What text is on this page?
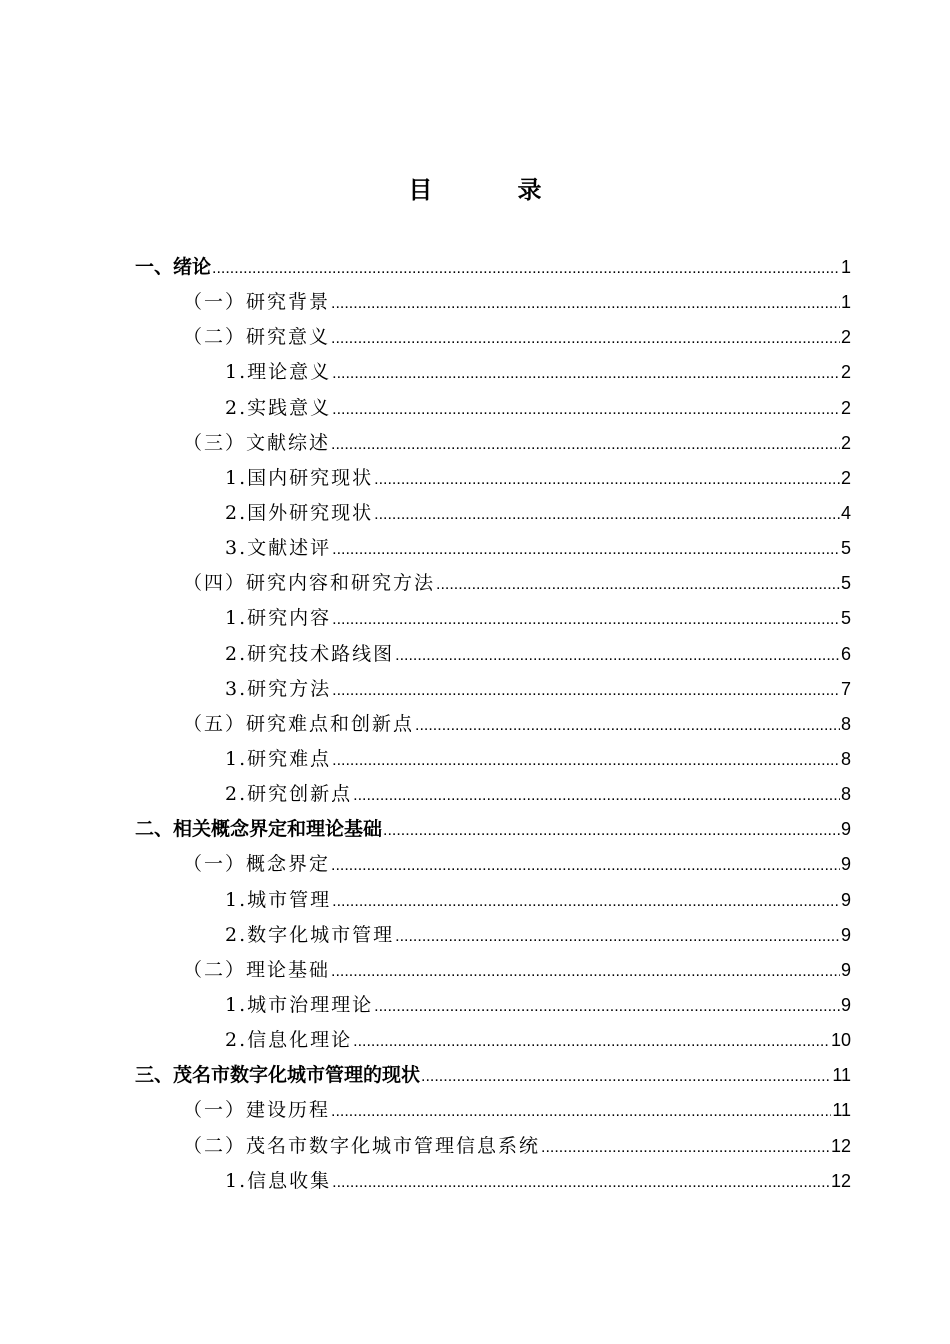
目 录
一、绪论 .....	1
（一）研究背景 .....	1
（二）研究意义 .....	2
1.理论意义 .....	2
2.实践意义 .....	2
（三）文献综述 .....	2
1.国内研究现状 .....	2
2.国外研究现状 .....	4
3.文献述评 .....	5
（四）研究内容和研究方法 .....	5
1.研究内容 .....	5
2.研究技术路线图 .....	6
3.研究方法 .....	7
（五）研究难点和创新点 .....	8
1.研究难点 .....	8
2.研究创新点 .....	8
二、相关概念界定和理论基础 .....	9
（一）概念界定 .....	9
1.城市管理 .....	9
2.数字化城市管理 .....	9
（二）理论基础 .....	9
1.城市治理理论 .....	9
2.信息化理论 .....	10
三、茂名市数字化城市管理的现状 .....	11
（一）建设历程 .....	11
（二）茂名市数字化城市管理信息系统 .....	12
1.信息收集 .....	12
